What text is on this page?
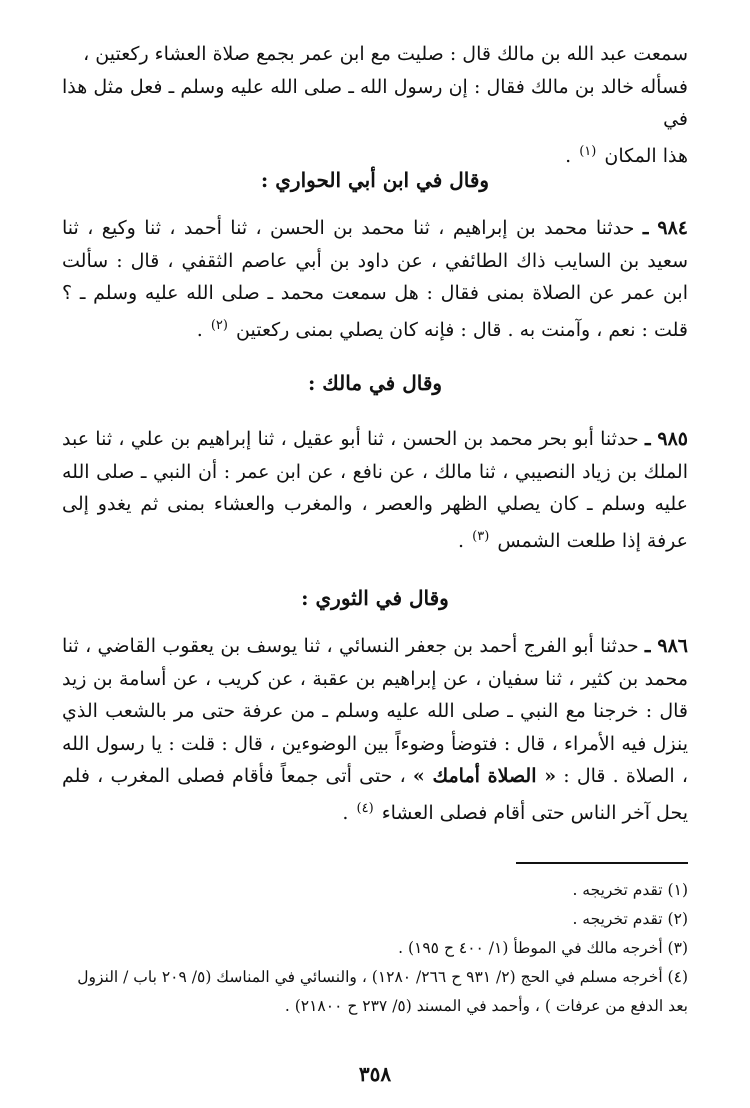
سمعت عبد الله بن مالك قال : صليت مع ابن عمر بجمع صلاة العشاء ركعتين ،
فسأله خالد بن مالك فقال : إن رسول الله ـ صلى الله عليه وسلم ـ فعل مثل هذا في
هذا المكان $^{(١)}$ .
وقال في ابن أبي الحواري :
٩٨٤ ـ حدثنا محمد بن إبراهيم ، ثنا محمد بن الحسن ، ثنا أحمد ، ثنا وكيع ، ثنا سعيد بن السايب ذاك الطائفي ، عن داود بن أبي عاصم الثقفي ، قال : سألت ابن عمر عن الصلاة بمنى فقال : هل سمعت محمد ـ صلى الله عليه وسلم ـ ؟ قلت : نعم ، وآمنت به . قال : فإنه كان يصلي بمنى ركعتين $^{(٢)}$ .
وقال في مالك :
٩٨٥ ـ حدثنا أبو بحر محمد بن الحسن ، ثنا أبو عقيل ، ثنا إبراهيم بن علي ، ثنا عبد الملك بن زياد النصيبي ، ثنا مالك ، عن نافع ، عن ابن عمر : أن النبي ـ صلى الله عليه وسلم ـ كان يصلي الظهر والعصر ، والمغرب والعشاء بمنى ثم يغدو إلى عرفة إذا طلعت الشمس $^{(٣)}$ .
وقال في الثوري :
٩٨٦ ـ حدثنا أبو الفرج أحمد بن جعفر النسائي ، ثنا يوسف بن يعقوب القاضي ، ثنا محمد بن كثير ، ثنا سفيان ، عن إبراهيم بن عقبة ، عن كريب ، عن أسامة بن زيد قال : خرجنا مع النبي ـ صلى الله عليه وسلم ـ من عرفة حتى مر بالشعب الذي ينزل فيه الأمراء ، قال : فتوضأ وضوءاً بين الوضوءين ، قال : قلت : يا رسول الله ، الصلاة . قال : « الصلاة أمامك » ، حتى أتى جمعاً فأقام فصلى المغرب ، فلم يحل آخر الناس حتى أقام فصلى العشاء $^{(٤)}$ .
(١) تقدم تخريجه .
(٢) تقدم تخريجه .
(٣) أخرجه مالك في الموطأ (١/ ٤٠٠ ح ١٩٥) .
(٤) أخرجه مسلم في الحج (٢/ ٩٣١ ح ٢٦٦/ ١٢٨٠) ، والنسائي في المناسك (٥/ ٢٠٩ باب / النزول بعد الدفع من عرفات ) ، وأحمد في المسند (٥/ ٢٣٧ ح ٢١٨٠٠) .
٣٥٨
